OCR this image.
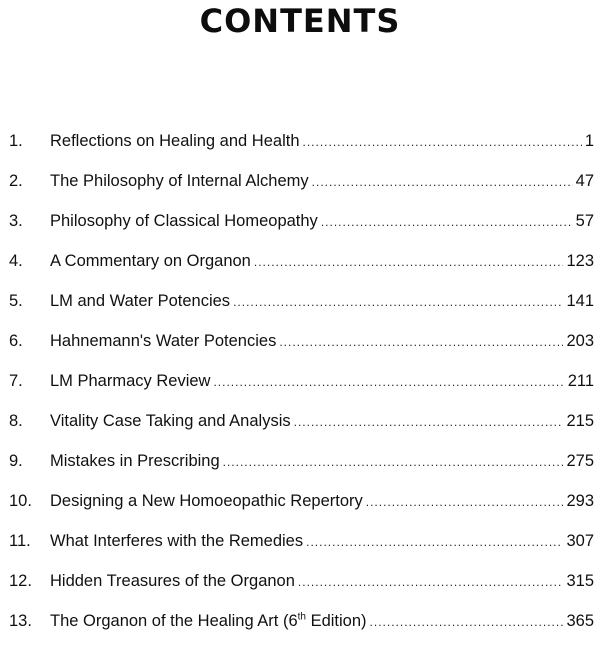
CONTENTS
1.	Reflections on Healing and Health .....	1
2.	The Philosophy of Internal Alchemy .....	47
3.	Philosophy of Classical Homeopathy .....	57
4.	A Commentary on Organon .....	123
5.	LM and Water Potencies .....	141
6.	Hahnemann's Water Potencies .....	203
7.	LM Pharmacy Review .....	211
8.	Vitality Case Taking and Analysis .....	215
9.	Mistakes in Prescribing .....	275
10.	Designing a New Homoeopathic Repertory .....	293
11.	What Interferes with the Remedies .....	307
12.	Hidden Treasures of the Organon .....	315
13.	The Organon of the Healing Art (6th Edition) .....	365
